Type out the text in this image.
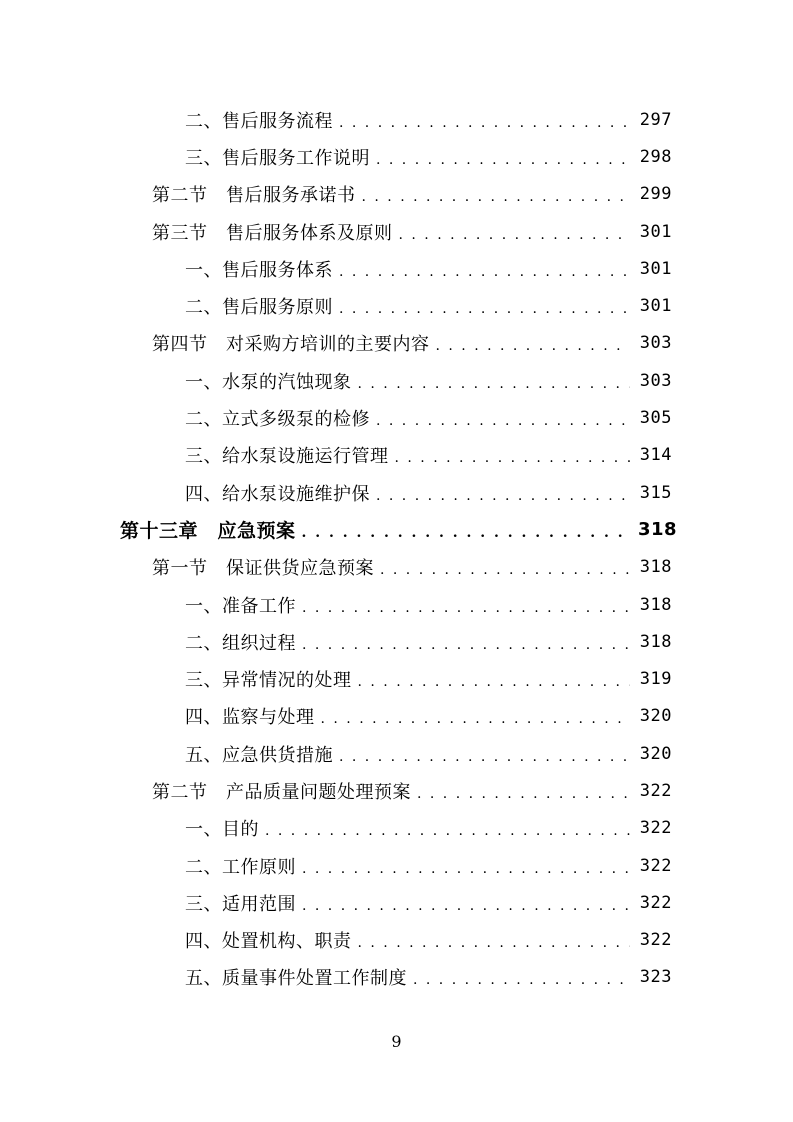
二、售后服务流程 . . .	297
三、售后服务工作说明 . . .	298
第二节　售后服务承诺书 . . .	299
第三节　售后服务体系及原则 . . .	301
一、售后服务体系 . . .	301
二、售后服务原则 . . .	301
第四节　对采购方培训的主要内容 . . .	303
一、水泵的汽蚀现象 . . .	303
二、立式多级泵的检修 . . .	305
三、给水泵设施运行管理 . . .	314
四、给水泵设施维护保 . . .	315
第十三章　应急预案 . . .	318
第一节　保证供货应急预案 . . .	318
一、准备工作 . . .	318
二、组织过程 . . .	318
三、异常情况的处理 . . .	319
四、监察与处理 . . .	320
五、应急供货措施 . . .	320
第二节　产品质量问题处理预案 . . .	322
一、目的 . . .	322
二、工作原则 . . .	322
三、适用范围 . . .	322
四、处置机构、职责 . . .	322
五、质量事件处置工作制度 . . .	323
9
